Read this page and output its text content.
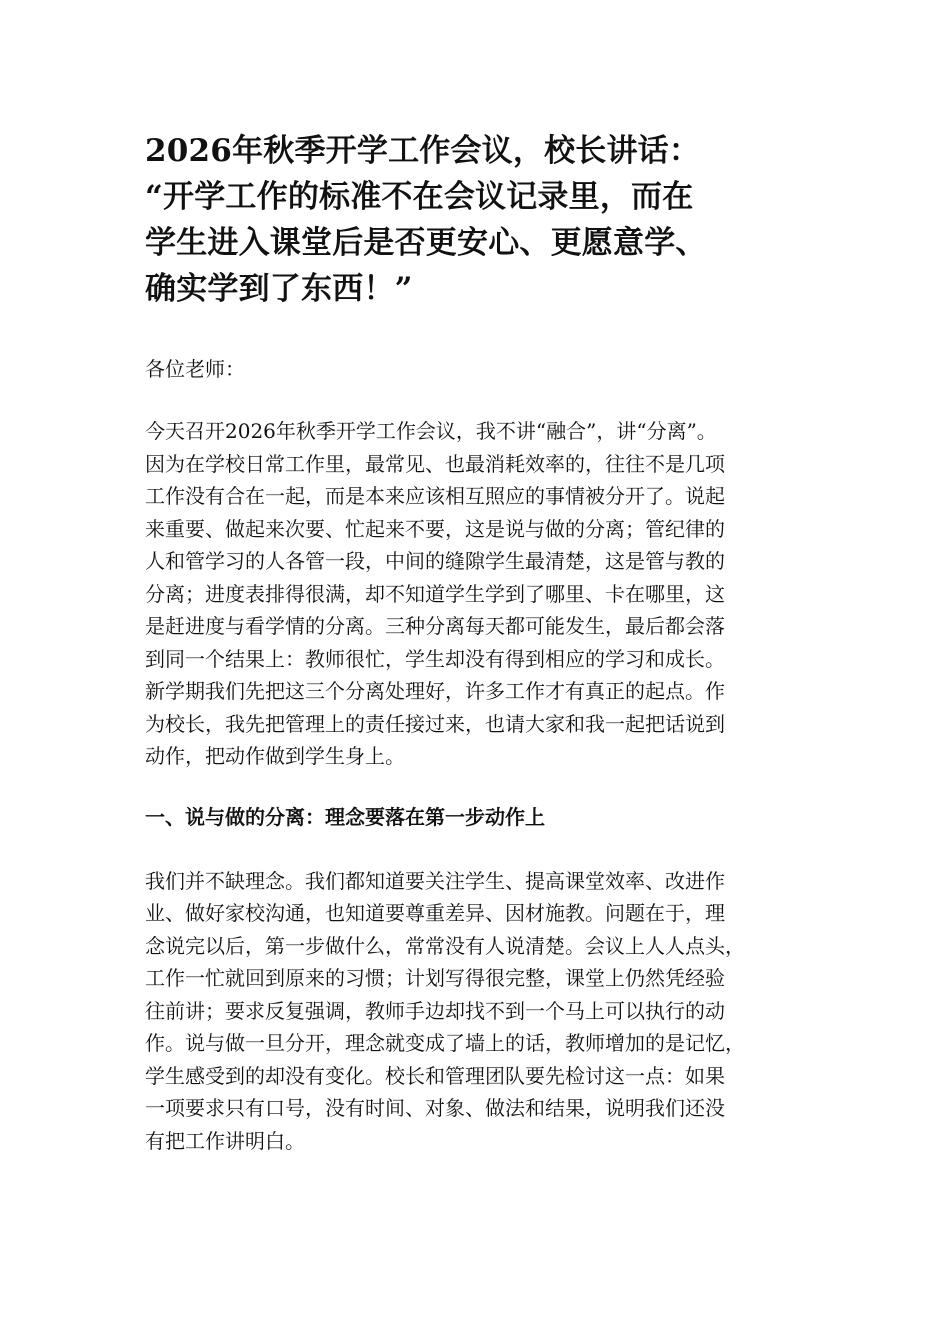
2026年秋季开学工作会议，校长讲话：
“开学工作的标准不在会议记录里，而在
学生进入课堂后是否更安心、更愿意学、
确实学到了东西！”

各位老师：

今天召开2026年秋季开学工作会议，我不讲“融合”，讲“分离”。
因为在学校日常工作里，最常见、也最消耗效率的，往往不是几项
工作没有合在一起，而是本来应该相互照应的事情被分开了。说起
来重要、做起来次要、忙起来不要，这是说与做的分离；管纪律的
人和管学习的人各管一段，中间的缝隙学生最清楚，这是管与教的
分离；进度表排得很满，却不知道学生学到了哪里、卡在哪里，这
是赶进度与看学情的分离。三种分离每天都可能发生，最后都会落
到同一个结果上：教师很忙，学生却没有得到相应的学习和成长。
新学期我们先把这三个分离处理好，许多工作才有真正的起点。作
为校长，我先把管理上的责任接过来，也请大家和我一起把话说到
动作，把动作做到学生身上。

一、说与做的分离：理念要落在第一步动作上

我们并不缺理念。我们都知道要关注学生、提高课堂效率、改进作
业、做好家校沟通，也知道要尊重差异、因材施教。问题在于，理
念说完以后，第一步做什么，常常没有人说清楚。会议上人人点头，
工作一忙就回到原来的习惯；计划写得很完整，课堂上仍然凭经验
往前讲；要求反复强调，教师手边却找不到一个马上可以执行的动
作。说与做一旦分开，理念就变成了墙上的话，教师增加的是记忆，
学生感受到的却没有变化。校长和管理团队要先检讨这一点：如果
一项要求只有口号，没有时间、对象、做法和结果，说明我们还没
有把工作讲明白。
